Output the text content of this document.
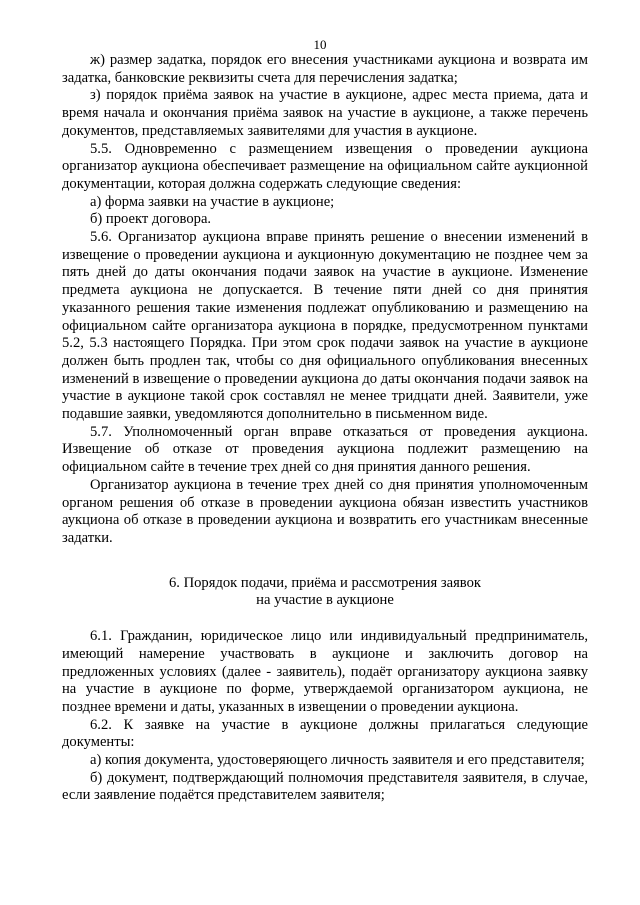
10

ж) размер задатка, порядок его внесения участниками аукциона и возврата им задатка, банковские реквизиты счета для перечисления задатка;

з) порядок приёма заявок на участие в аукционе, адрес места приема, дата и время начала и окончания приёма заявок на участие в аукционе, а также перечень документов, представляемых заявителями для участия в аукционе.

5.5. Одновременно с размещением извещения о проведении аукциона организатор аукциона обеспечивает размещение на официальном сайте аукционной документации, которая должна содержать следующие сведения:

а) форма заявки на участие в аукционе;

б) проект договора.

5.6. Организатор аукциона вправе принять решение о внесении изменений в извещение о проведении аукциона и аукционную документацию не позднее чем за пять дней до даты окончания подачи заявок на участие в аукционе. Изменение предмета аукциона не допускается. В течение пяти дней со дня принятия указанного решения такие изменения подлежат опубликованию и размещению на официальном сайте организатора аукциона в порядке, предусмотренном пунктами 5.2, 5.3 настоящего Порядка. При этом срок подачи заявок на участие в аукционе должен быть продлен так, чтобы со дня официального опубликования внесенных изменений в извещение о проведении аукциона до даты окончания подачи заявок на участие в аукционе такой срок составлял не менее тридцати дней. Заявители, уже подавшие заявки, уведомляются дополнительно в письменном виде.

5.7. Уполномоченный орган вправе отказаться от проведения аукциона. Извещение об отказе от проведения аукциона подлежит размещению на официальном сайте в течение трех дней со дня принятия данного решения.

Организатор аукциона в течение трех дней со дня принятия уполномоченным органом решения об отказе в проведении аукциона обязан известить участников аукциона об отказе в проведении аукциона и возвратить его участникам внесенные задатки.

6. Порядок подачи, приёма и рассмотрения заявок
на участие в аукционе

6.1. Гражданин, юридическое лицо или индивидуальный предприниматель, имеющий намерение участвовать в аукционе и заключить договор на предложенных условиях (далее - заявитель), подаёт организатору аукциона заявку на участие в аукционе по форме, утверждаемой организатором аукциона, не позднее времени и даты, указанных в извещении о проведении аукциона.

6.2. К заявке на участие в аукционе должны прилагаться следующие документы:

а) копия документа, удостоверяющего личность заявителя и его представителя;

б) документ, подтверждающий полномочия представителя заявителя, в случае, если заявление подаётся представителем заявителя;
